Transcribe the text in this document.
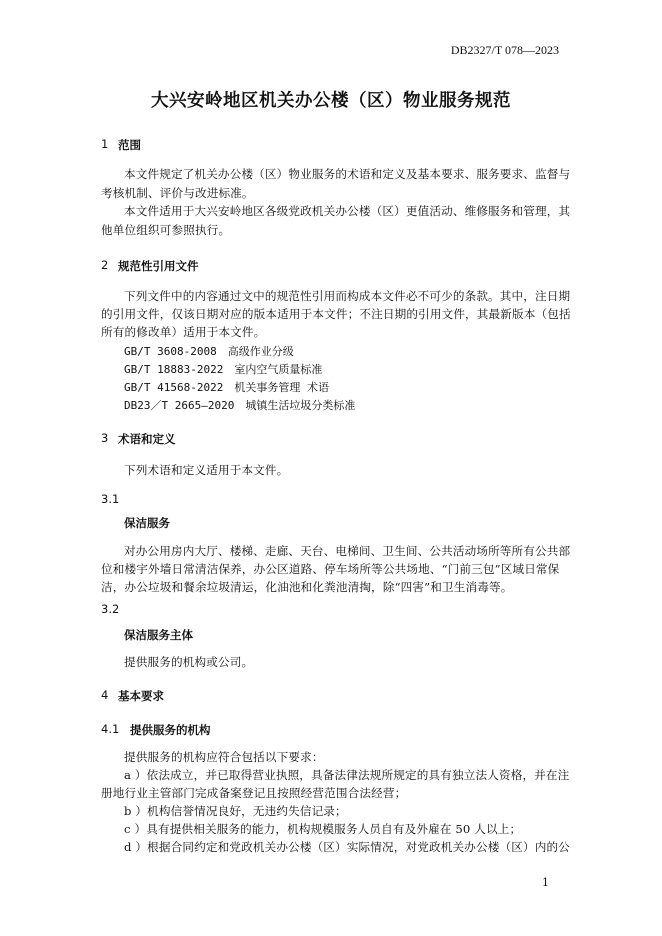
DB2327/T 078—2023
大兴安岭地区机关办公楼（区）物业服务规范
1 范围
本文件规定了机关办公楼（区）物业服务的术语和定义及基本要求、服务要求、监督与
考核机制、评价与改进标准。
本文件适用于大兴安岭地区各级党政机关办公楼（区）更值活动、维修服务和管理，其
他单位组织可参照执行。
2 规范性引用文件
下列文件中的内容通过文中的规范性引用而构成本文件必不可少的条款。其中，注日期
的引用文件，仅该日期对应的版本适用于本文件；不注日期的引用文件，其最新版本（包括
所有的修改单）适用于本文件。
GB/T 3608-2008　高级作业分级
GB/T 18883-2022　室内空气质量标准
GB/T 41568-2022　机关事务管理 术语
DB23／T 2665—2020　城镇生活垃圾分类标准
3 术语和定义
下列术语和定义适用于本文件。
3.1
保洁服务
对办公用房内大厅、楼梯、走廊、天台、电梯间、卫生间、公共活动场所等所有公共部
位和楼宇外墙日常清洁保养，办公区道路、停车场所等公共场地、“门前三包”区域日常保
洁，办公垃圾和餐余垃圾清运，化油池和化粪池清掏，除“四害”和卫生消毒等。
3.2
保洁服务主体
提供服务的机构或公司。
4 基本要求
4.1 提供服务的机构
提供服务的机构应符合包括以下要求：
a ）依法成立，并已取得营业执照，具备法律法规所规定的具有独立法人资格，并在注
册地行业主管部门完成备案登记且按照经营范围合法经营；
b ）机构信誉情况良好，无违约失信记录；
c ）具有提供相关服务的能力，机构规模服务人员自有及外雇在 50 人以上；
d ）根据合同约定和党政机关办公楼（区）实际情况，对党政机关办公楼（区）内的公
1
